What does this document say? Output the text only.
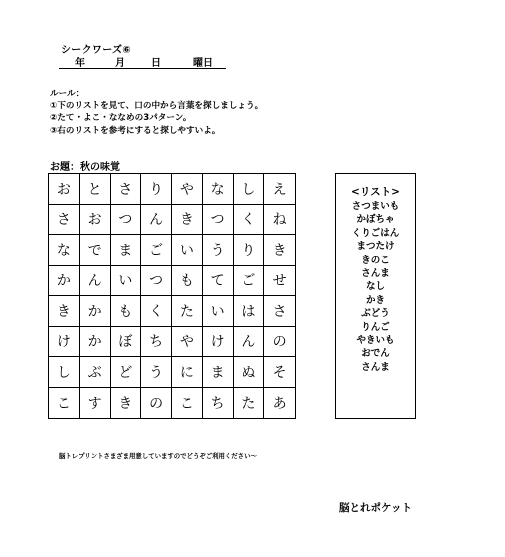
シークワーズ⑥
年	月	日	曜日
ルール：
①下のリストを見て、口の中から言葉を探しましょう。
②たて・よこ・ななめの3パターン。
③右のリストを参考にすると探しやすいよ。
お題：秋の味覚
お	と	さ	り	や	な	し	え
さ	お	つ	ん	き	つ	く	ね
な	で	ま	ご	い	う	り	き
か	ん	い	つ	も	て	ご	せ
き	か	も	く	た	い	は	さ
け	か	ぼ	ち	や	け	ん	の
し	ぶ	ど	う	に	ま	ぬ	そ
こ	す	き	の	こ	ち	た	あ
<リスト>
さつまいも
かぼちゃ
くりごはん
まつたけ
きのこ
さんま
なし
かき
ぶどう
りんご
やきいも
おでん
さんま
脳トレプリントさまざま用意していますのでどうぞご利用ください～
脳とれポケット
